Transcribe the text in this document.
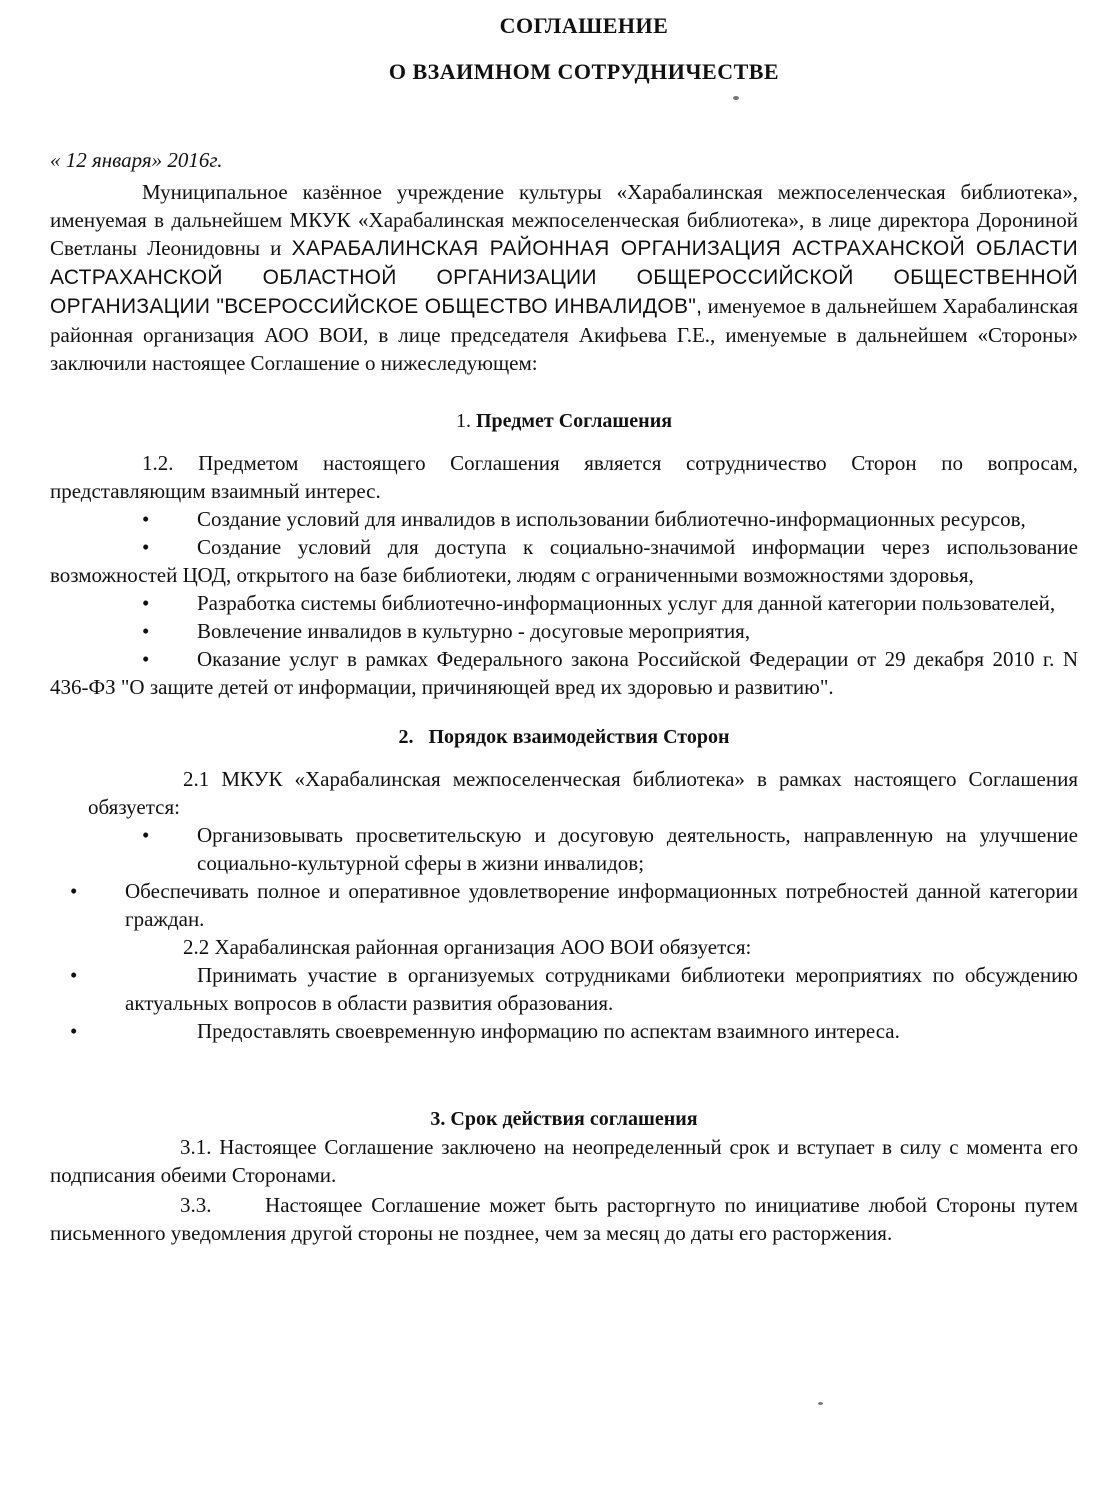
СОГЛАШЕНИЕ
О ВЗАИМНОМ СОТРУДНИЧЕСТВЕ
« 12 января» 2016г.

Муниципальное казённое учреждение культуры «Харабалинская межпоселенческая библиотека», именуемая в дальнейшем МКУК «Харабалинская межпоселенческая библиотека», в лице директора Дорониной Светланы Леонидовны и ХАРАБАЛИНСКАЯ РАЙОННАЯ ОРГАНИЗАЦИЯ АСТРАХАНСКОЙ ОБЛАСТИ АСТРАХАНСКОЙ ОБЛАСТНОЙ ОРГАНИЗАЦИИ ОБЩЕРОССИЙСКОЙ ОБЩЕСТВЕННОЙ ОРГАНИЗАЦИИ "ВСЕРОССИЙСКОЕ ОБЩЕСТВО ИНВАЛИДОВ", именуемое в дальнейшем Харабалинская районная организация АОО ВОИ, в лице председателя Акифьева Г.Е., именуемые в дальнейшем «Стороны» заключили настоящее Соглашение о нижеследующем:

1. Предмет Соглашения

1.2. Предметом настоящего Соглашения является сотрудничество Сторон по вопросам, представляющим взаимный интерес.

• Создание условий для инвалидов в использовании библиотечно-информационных ресурсов,
• Создание условий для доступа к социально-значимой информации через использование возможностей ЦОД, открытого на базе библиотеки, людям с ограниченными возможностями здоровья,
• Разработка системы библиотечно-информационных услуг для данной категории пользователей,
• Вовлечение инвалидов в культурно - досуговые мероприятия,
• Оказание услуг в рамках Федерального закона Российской Федерации от 29 декабря 2010 г. N 436-ФЗ "О защите детей от информации, причиняющей вред их здоровью и развитию".
2. Порядок взаимодействия Сторон

2.1 МКУК «Харабалинская межпоселенческая библиотека» в рамках настоящего Соглашения обязуется:

• Организовывать просветительскую и досуговую деятельность, направленную на улучшение социально-культурной сферы в жизни инвалидов;
• Обеспечивать полное и оперативное удовлетворение информационных потребностей данной категории граждан.

2.2 Харабалинская районная организация АОО ВОИ обязуется:

•	Принимать участие в организуемых сотрудниками библиотеки мероприятиях по обсуждению актуальных вопросов в области развития образования.
•	Предоставлять своевременную информацию по аспектам взаимного интереса.
3. Срок действия соглашения

3.1. Настоящее Соглашение заключено на неопределенный срок и вступает в силу с момента его подписания обеими Сторонами.

3.3.      Настоящее Соглашение может быть расторгнуто по инициативе любой Стороны путем письменного уведомления другой стороны не позднее, чем за месяц до даты его расторжения.
